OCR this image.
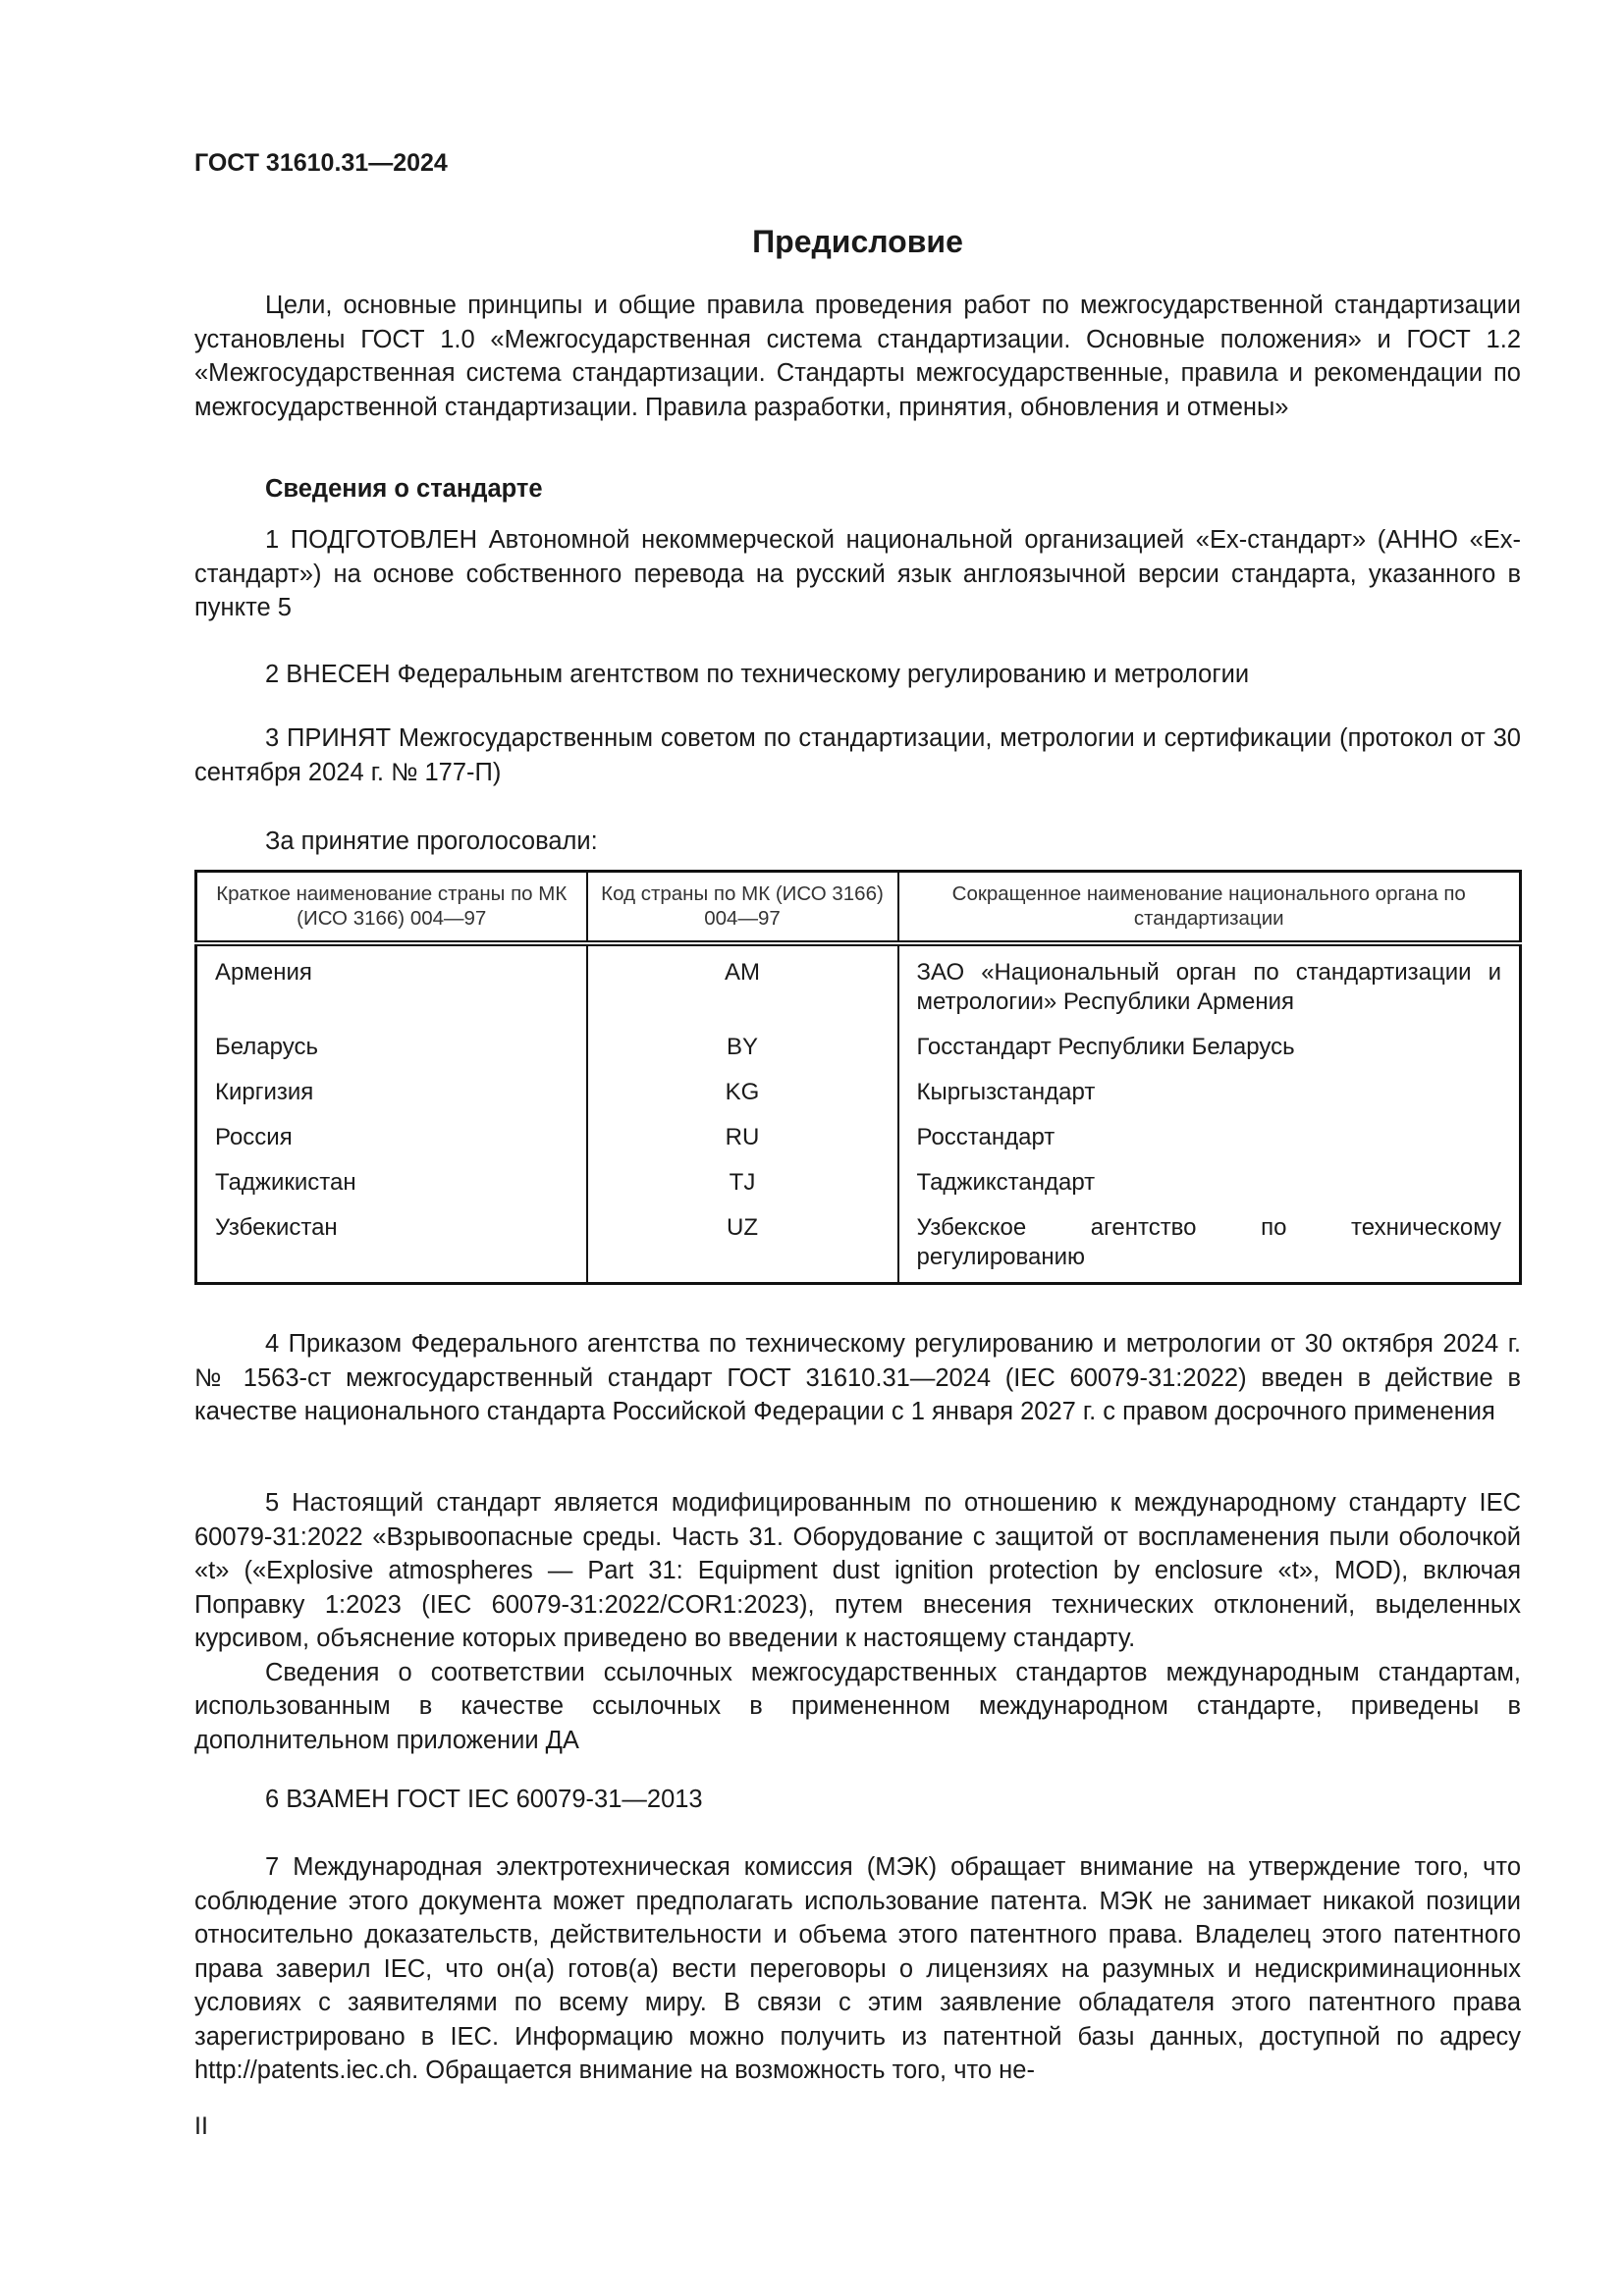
ГОСТ 31610.31—2024
Предисловие

Цели, основные принципы и общие правила проведения работ по межгосударственной стандартизации установлены ГОСТ 1.0 «Межгосударственная система стандартизации. Основные положения» и ГОСТ 1.2 «Межгосударственная система стандартизации. Стандарты межгосударственные, правила и рекомендации по межгосударственной стандартизации. Правила разработки, принятия, обновления и отмены»

Сведения о стандарте

1 ПОДГОТОВЛЕН Автономной некоммерческой национальной организацией «Ех-стандарт» (АННО «Ех-стандарт») на основе собственного перевода на русский язык англоязычной версии стандарта, указанного в пункте 5

2 ВНЕСЕН Федеральным агентством по техническому регулированию и метрологии

3 ПРИНЯТ Межгосударственным советом по стандартизации, метрологии и сертификации (протокол от 30 сентября 2024 г. № 177-П)

За принятие проголосовали:

Краткое наименование страны по МК (ИСО 3166) 004—97	Код страны по МК (ИСО 3166) 004—97	Сокращенное наименование национального органа по стандартизации
Армения	AM	ЗАО «Национальный орган по стандартизации и метрологии» Республики Армения
Беларусь	BY	Госстандарт Республики Беларусь
Киргизия	KG	Кыргызстандарт
Россия	RU	Росстандарт
Таджикистан	TJ	Таджикстандарт
Узбекистан	UZ	Узбекское агентство по техническому регулированию

4 Приказом Федерального агентства по техническому регулированию и метрологии от 30 октября 2024 г. № 1563-ст межгосударственный стандарт ГОСТ 31610.31—2024 (IEC 60079-31:2022) введен в действие в качестве национального стандарта Российской Федерации с 1 января 2027 г. с правом досрочного применения

5 Настоящий стандарт является модифицированным по отношению к международному стандарту IEC 60079-31:2022 «Взрывоопасные среды. Часть 31. Оборудование с защитой от воспламенения пыли оболочкой «t» («Explosive atmospheres — Part 31: Equipment dust ignition protection by enclosure «t», MOD), включая Поправку 1:2023 (IEC 60079-31:2022/COR1:2023), путем внесения технических отклонений, выделенных курсивом, объяснение которых приведено во введении к настоящему стандарту.

Сведения о соответствии ссылочных межгосударственных стандартов международным стандартам, использованным в качестве ссылочных в примененном международном стандарте, приведены в дополнительном приложении ДА

6 ВЗАМЕН ГОСТ IEC 60079-31—2013

7 Международная электротехническая комиссия (МЭК) обращает внимание на утверждение того, что соблюдение этого документа может предполагать использование патента. МЭК не занимает никакой позиции относительно доказательств, действительности и объема этого патентного права. Владелец этого патентного права заверил IEC, что он(а) готов(а) вести переговоры о лицензиях на разумных и недискриминационных условиях с заявителями по всему миру. В связи с этим заявление обладателя этого патентного права зарегистрировано в IEC. Информацию можно получить из патентной базы данных, доступной по адресу http://patents.iec.ch. Обращается внимание на возможность того, что не-

II
